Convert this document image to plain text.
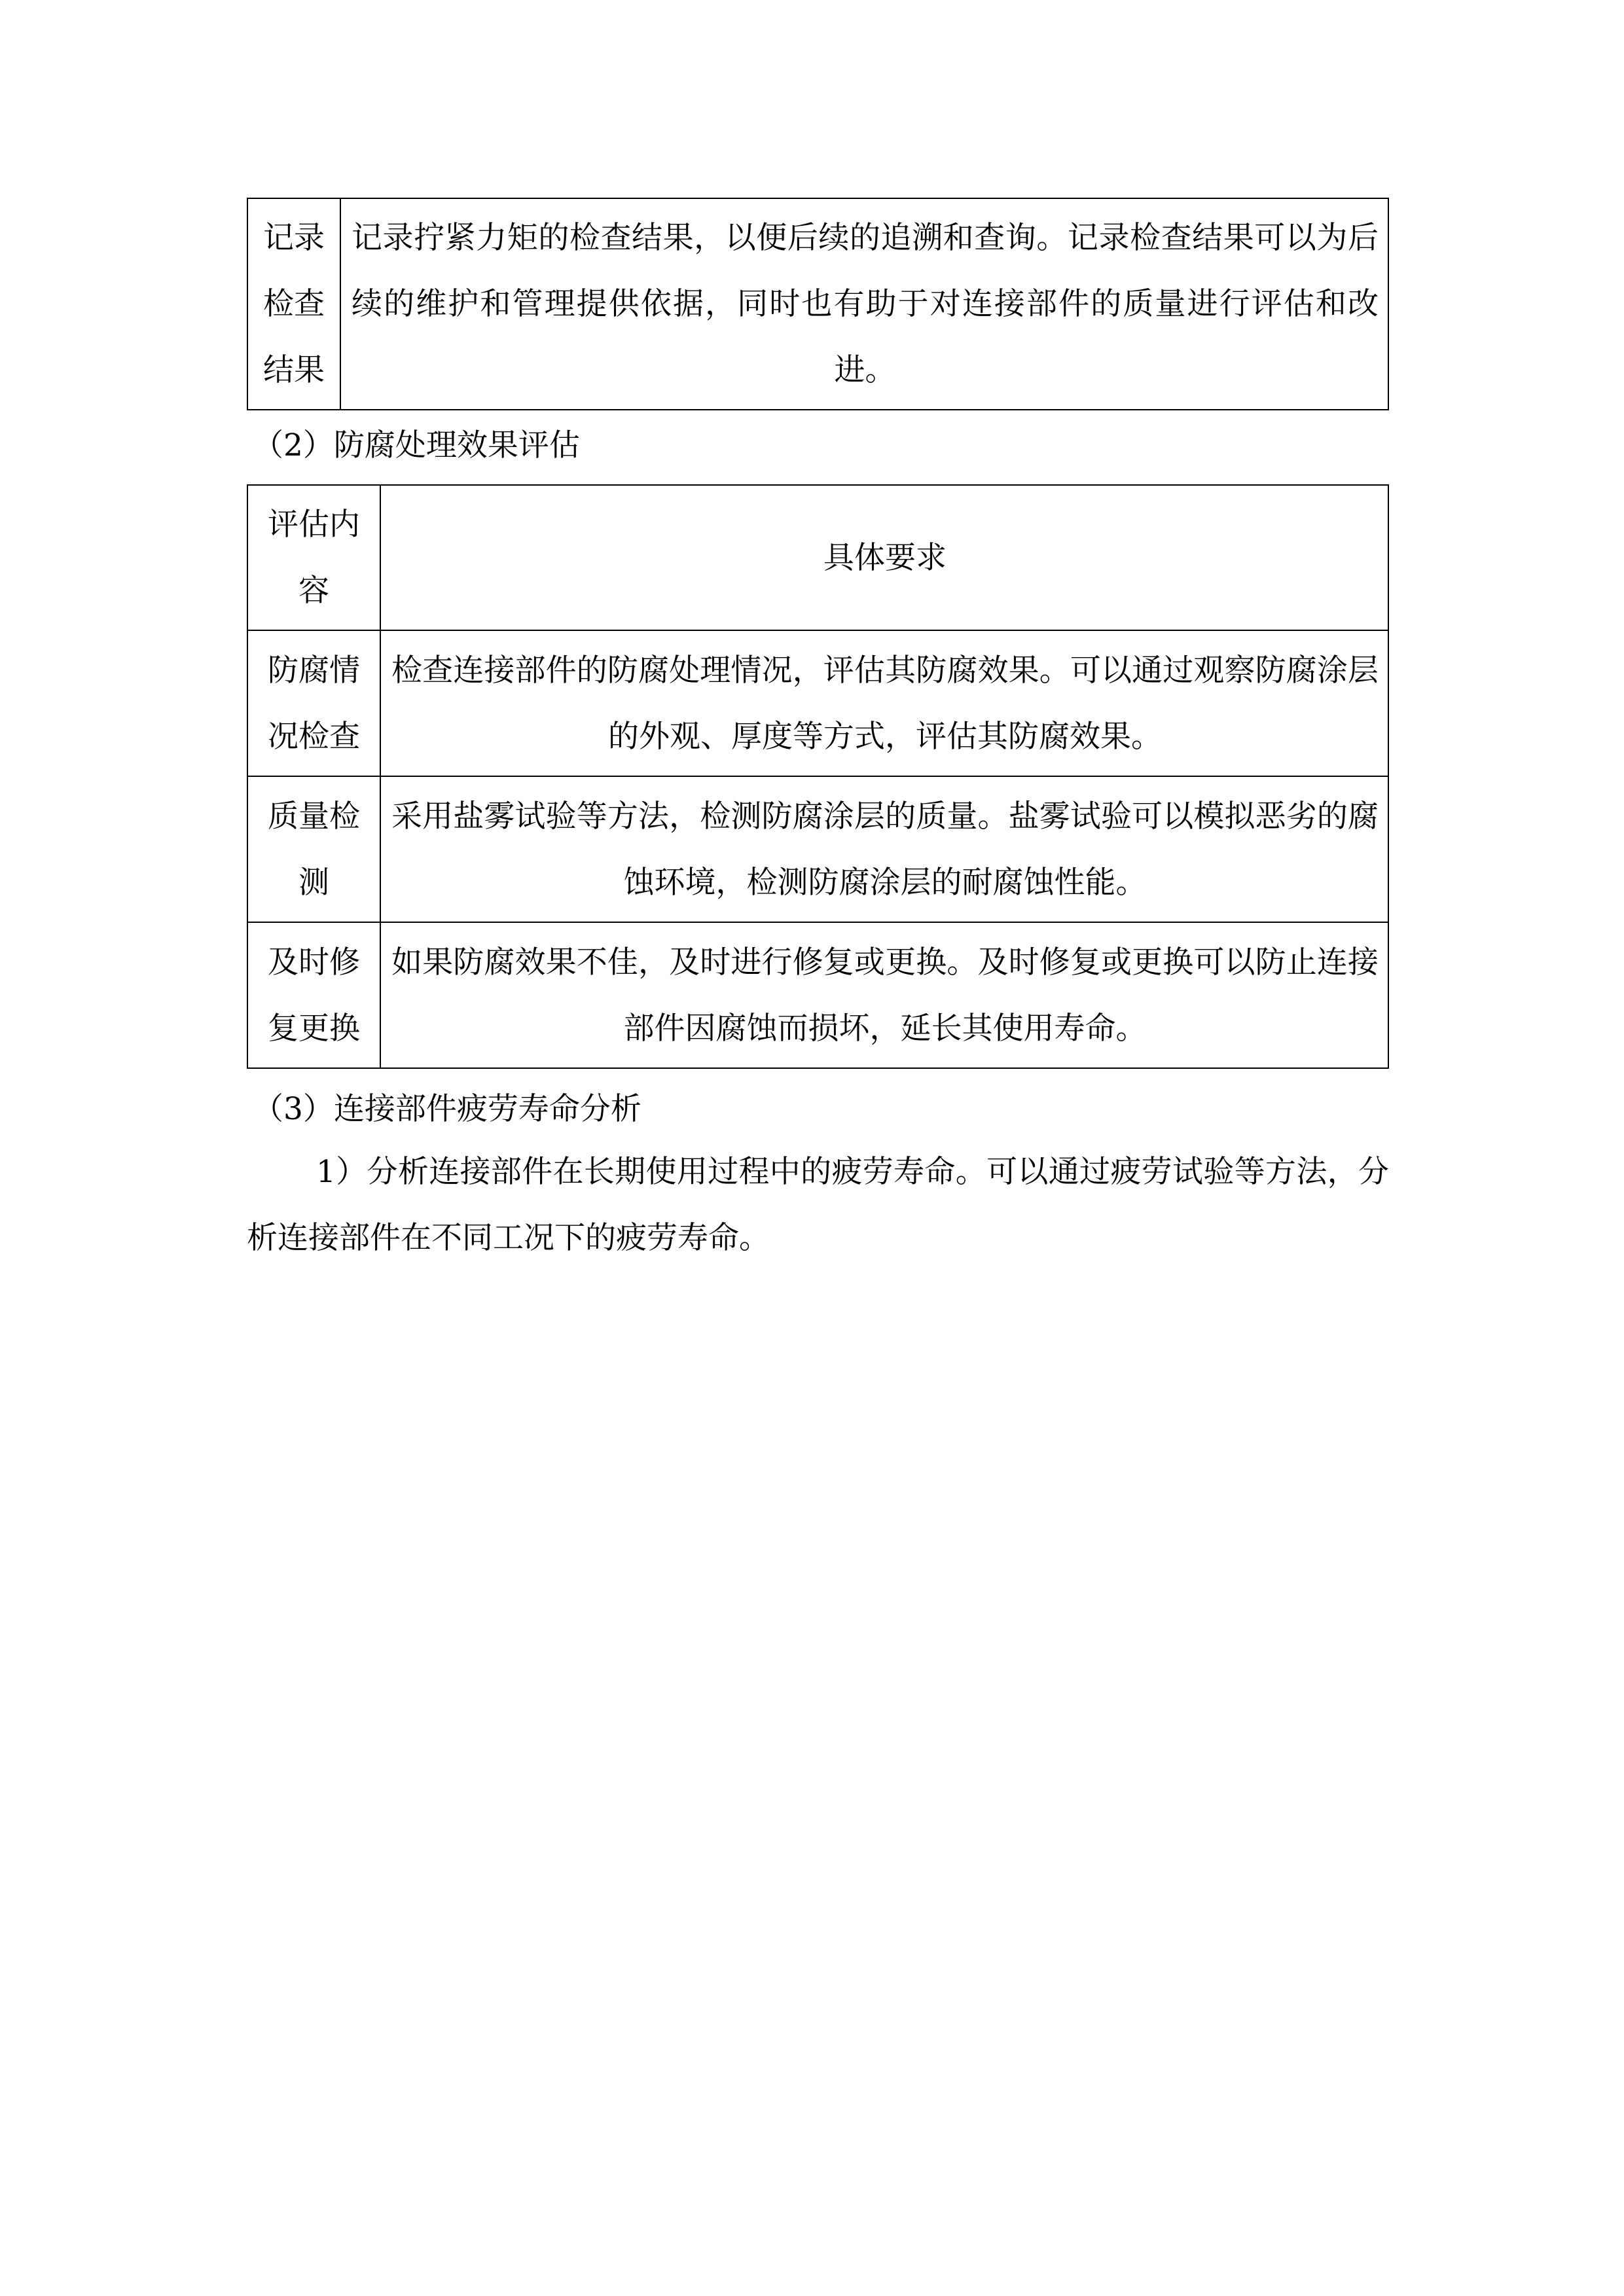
记录检查结果	记录拧紧力矩的检查结果，以便后续的追溯和查询。记录检查结果可以为后续的维护和管理提供依据，同时也有助于对连接部件的质量进行评估和改进。

（2）防腐处理效果评估

评估内容	具体要求
防腐情况检查	检查连接部件的防腐处理情况，评估其防腐效果。可以通过观察防腐涂层的外观、厚度等方式，评估其防腐效果。
质量检测	采用盐雾试验等方法，检测防腐涂层的质量。盐雾试验可以模拟恶劣的腐蚀环境，检测防腐涂层的耐腐蚀性能。
及时修复更换	如果防腐效果不佳，及时进行修复或更换。及时修复或更换可以防止连接部件因腐蚀而损坏，延长其使用寿命。

（3）连接部件疲劳寿命分析

1）分析连接部件在长期使用过程中的疲劳寿命。可以通过疲劳试验等方法，分析连接部件在不同工况下的疲劳寿命。
